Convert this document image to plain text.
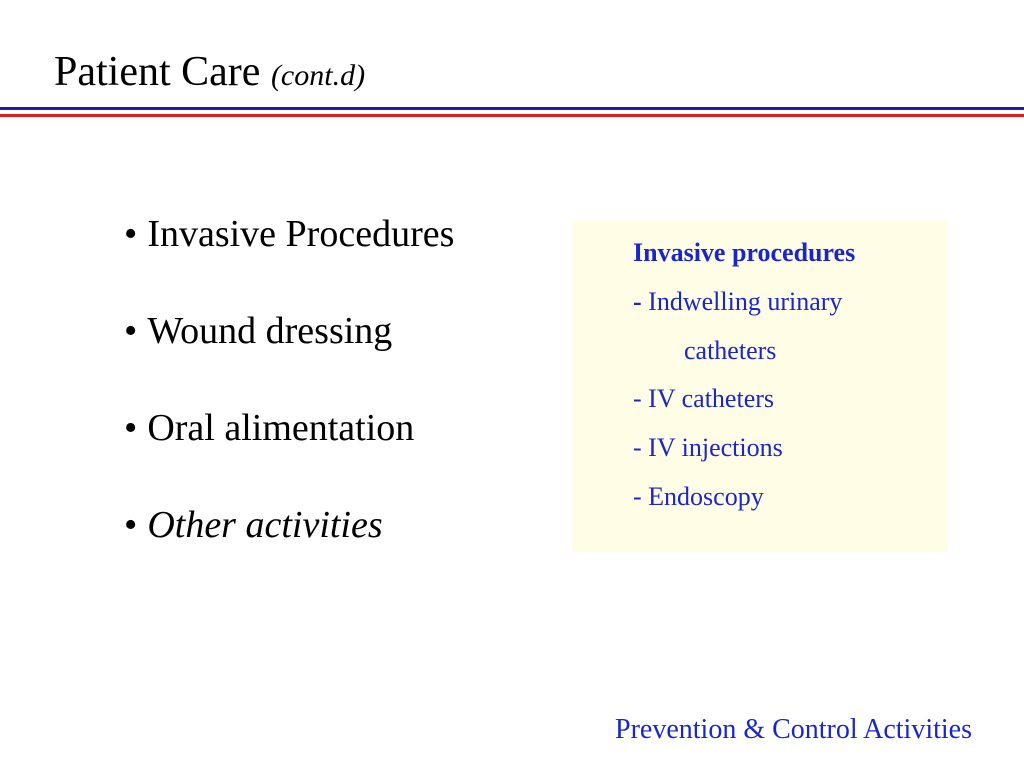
Patient Care (cont.d)
• Invasive Procedures
• Wound dressing
• Oral alimentation
• Other activities
Invasive procedures
- Indwelling urinary
catheters
- IV catheters
- IV injections
- Endoscopy
Prevention & Control Activities
